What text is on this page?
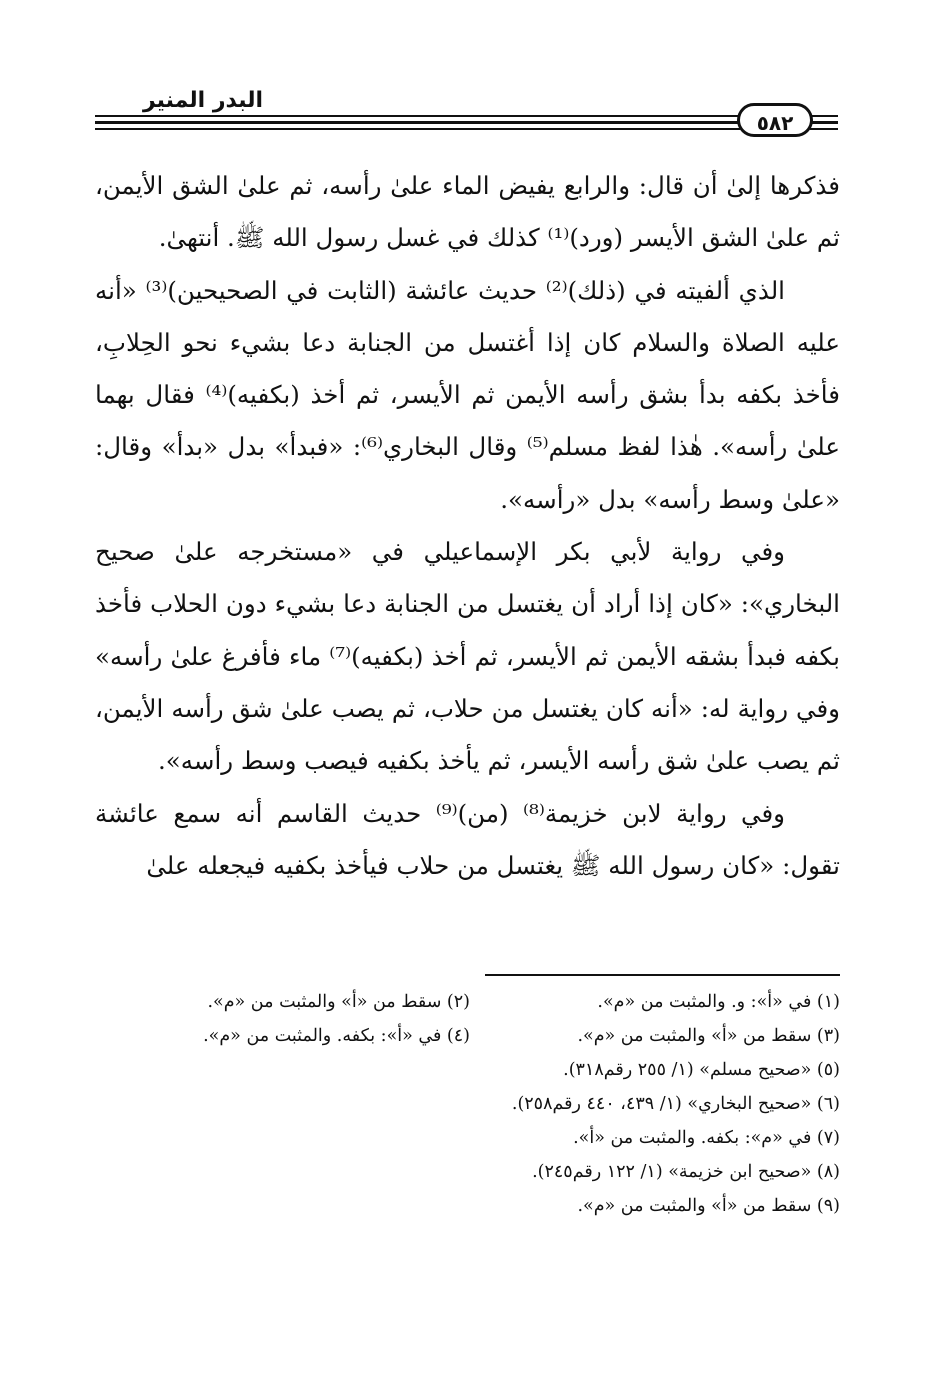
البدر المنير
٥٨٢

فذكرها إلىٰ أن قال: والرابع يفيض الماء علىٰ رأسه، ثم علىٰ الشق الأيمن، ثم علىٰ الشق الأيسر (ورد)⁽¹⁾ كذلك في غسل رسول الله ﷺ. أنتهىٰ.

الذي ألفيته في (ذلك)⁽²⁾ حديث عائشة (الثابت في الصحيحين)⁽³⁾ «أنه عليه الصلاة والسلام كان إذا أغتسل من الجنابة دعا بشيء نحو الحِلابِ، فأخذ بكفه بدأ بشق رأسه الأيمن ثم الأيسر، ثم أخذ (بكفيه)⁽⁴⁾ فقال بهما علىٰ رأسه». هٰذا لفظ مسلم⁽⁵⁾ وقال البخاري⁽⁶⁾: «فبدأ» بدل «بدأ» وقال: «علىٰ وسط رأسه» بدل «رأسه».

وفي رواية لأبي بكر الإسماعيلي في «مستخرجه علىٰ صحيح البخاري»: «كان إذا أراد أن يغتسل من الجنابة دعا بشيء دون الحلاب فأخذ بكفه فبدأ بشقه الأيمن ثم الأيسر، ثم أخذ (بكفيه)⁽⁷⁾ ماء فأفرغ علىٰ رأسه» وفي رواية له: «أنه كان يغتسل من حلاب، ثم يصب علىٰ شق رأسه الأيمن، ثم يصب علىٰ شق رأسه الأيسر، ثم يأخذ بكفيه فيصب وسط رأسه».

وفي رواية لابن خزيمة⁽⁸⁾ (من)⁽⁹⁾ حديث القاسم أنه سمع عائشة تقول: «كان رسول الله ﷺ يغتسل من حلاب فيأخذ بكفيه فيجعله علىٰ

(١) في «أ»: و. والمثبت من «م».
(٢) سقط من «أ» والمثبت من «م».
(٣) سقط من «أ» والمثبت من «م».
(٤) في «أ»: بكفه. والمثبت من «م».
(٥) «صحيح مسلم» (١/ ٢٥٥ رقم٣١٨).
(٦) «صحيح البخاري» (١/ ٤٣٩، ٤٤٠ رقم٢٥٨).
(٧) في «م»: بكفه. والمثبت من «أ».
(٨) «صحيح ابن خزيمة» (١/ ١٢٢ رقم٢٤٥).
(٩) سقط من «أ» والمثبت من «م».
